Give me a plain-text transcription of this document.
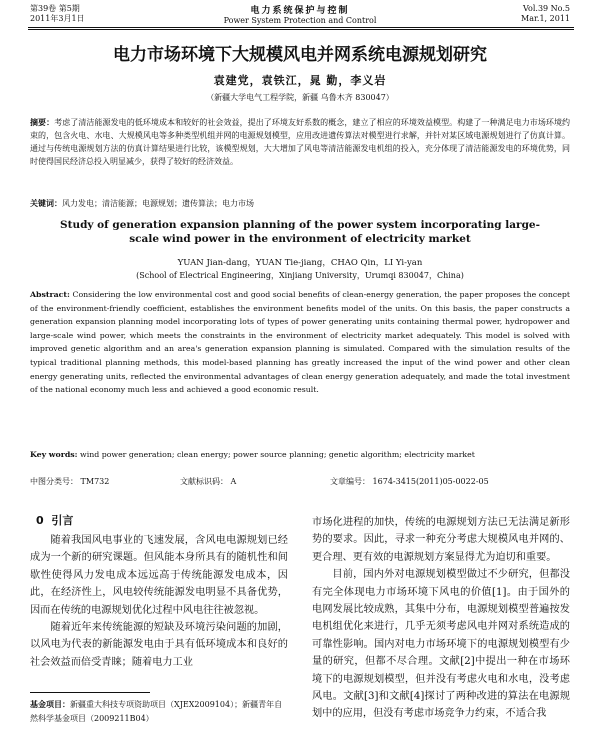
第39卷 第5期
2011年3月1日
电力系统保护与控制
Power System Protection and Control
Vol.39 No.5
Mar.1, 2011
电力市场环境下大规模风电并网系统电源规划研究
袁建党，袁铁江，晁 勤，李义岩
（新疆大学电气工程学院，新疆 乌鲁木齐 830047）
摘要：考虑了清洁能源发电的低环境成本和较好的社会效益，提出了环境友好系数的概念，建立了相应的环境效益模型。构建了一种满足电力市场环境约束的，包含火电、水电、大规模风电等多种类型机组并网的电源规划模型，应用改进遗传算法对模型进行求解，并针对某区域电源规划进行了仿真计算。通过与传统电源规划方法的仿真计算结果进行比较，该模型规划，大大增加了风电等清洁能源发电机组的投入，充分体现了清洁能源发电的环境优势，同时使得国民经济总投入明显减少，获得了较好的经济效益。
关键词：风力发电；清洁能源；电源规划；遗传算法；电力市场
Study of generation expansion planning of the power system incorporating large-scale wind power in the environment of electricity market
YUAN Jian-dang，YUAN Tie-jiang，CHAO Qin，LI Yi-yan
(School of Electrical Engineering，Xinjiang University，Urumqi 830047，China)
Abstract: Considering the low environmental cost and good social benefits of clean-energy generation, the paper proposes the concept of the environment-friendly coefficient, establishes the environment benefits model of the units. On this basis, the paper constructs a generation expansion planning model incorporating lots of types of power generating units containing thermal power, hydropower and large-scale wind power, which meets the constraints in the environment of electricity market adequately. This model is solved with improved genetic algorithm and an area's generation expansion planning is simulated. Compared with the simulation results of the typical traditional planning methods, this model-based planning has greatly increased the input of the wind power and other clean energy generating units, reflected the environmental advantages of clean energy generation adequately, and made the total investment of the national economy much less and achieved a good economic result.
Key words: wind power generation; clean energy; power source planning; genetic algorithm; electricity market
中图分类号： TM732	文献标识码： A	文章编号： 1674-3415(2011)05-0022-05
0 引言

随着我国风电事业的飞速发展，含风电电源规划已经成为一个新的研究课题。但风能本身所具有的随机性和间歇性使得风力发电成本远远高于传统能源发电成本，因此，在经济性上，风电较传统能源发电明显不具备优势，因而在传统的电源规划优化过程中风电往往被忽视。

随着近年来传统能源的短缺及环境污染问题的加剧，以风电为代表的新能源发电由于具有低环境成本和良好的社会效益而倍受青睐；随着电力工业

市场化进程的加快，传统的电源规划方法已无法满足新形势的要求。因此，寻求一种充分考虑大规模风电并网的、更合理、更有效的电源规划方案显得尤为迫切和重要。

目前，国内外对电源规划模型做过不少研究，但都没有完全体现电力市场环境下风电的价值[1]。由于国外的电网发展比较成熟，其集中分布，电源规划模型普遍按发电机组优化来进行，几乎无须考虑风电并网对系统造成的可靠性影响。国内对电力市场环境下的电源规划模型有少量的研究，但都不尽合理。文献[2]中提出一种在市场环境下的电源规划模型，但并没有考虑火电和水电，没考虑风电。文献[3]和文献[4]探讨了两种改进的算法在电源规划中的应用，但没有考虑市场竞争力约束，不适合我

基金项目：新疆重大科技专项资助项目（XJEX2009104）；新疆青年自然科学基金项目（2009211B04）
